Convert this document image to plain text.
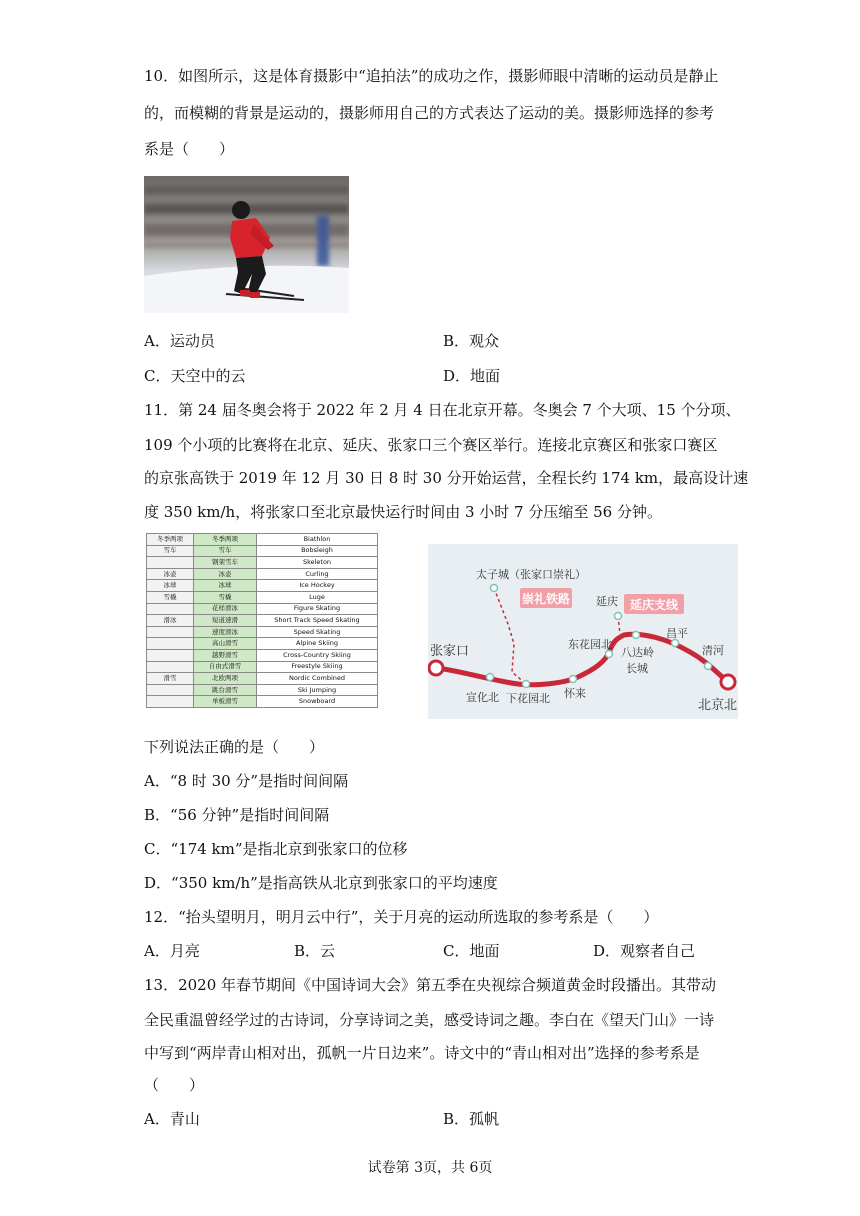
10．如图所示，这是体育摄影中“追拍法”的成功之作，摄影师眼中清晰的运动员是静止
的，而模糊的背景是运动的，摄影师用自己的方式表达了运动的美。摄影师选择的参考
系是（　　）
A．运动员	B．观众
C．天空中的云	D．地面
11．第 24 届冬奥会将于 2022 年 2 月 4 日在北京开幕。冬奥会 7 个大项、15 个分项、
109 个小项的比赛将在北京、延庆、张家口三个赛区举行。连接北京赛区和张家口赛区
的京张高铁于 2019 年 12 月 30 日 8 时 30 分开始运营，全程长约 174 km，最高设计速
度 350 km/h，将张家口至北京最快运行时间由 3 小时 7 分压缩至 56 分钟。
冬季两项	冬季两项	Biathlon
雪车	雪车	Bobsleigh
	钢架雪车	Skeleton
冰壶	冰壶	Curling
冰球	冰球	Ice Hockey
雪橇	雪橇	Luge
	花样滑冰	Figure Skating
滑冰	短道速滑	Short Track Speed Skating
	速度滑冰	Speed Skating
	高山滑雪	Alpine Skiing
	越野滑雪	Cross-Country Skiing
	自由式滑雪	Freestyle Skiing
滑雪	北欧两项	Nordic Combined
	跳台滑雪	Ski Jumping
	单板滑雪	Snowboard
崇礼铁路	延庆支线
太子城（张家口崇礼）
张家口
宣化北 下花园北 怀来
东花园北
延庆
八达岭
长城
昌平
清河
北京北
下列说法正确的是（　　）
A．“8 时 30 分”是指时间间隔
B．“56 分钟”是指时间间隔
C．“174 km”是指北京到张家口的位移
D．“350 km/h”是指高铁从北京到张家口的平均速度
12．“抬头望明月，明月云中行”，关于月亮的运动所选取的参考系是（　　）
A．月亮	B．云	C．地面	D．观察者自己
13．2020 年春节期间《中国诗词大会》第五季在央视综合频道黄金时段播出。其带动
全民重温曾经学过的古诗词，分享诗词之美，感受诗词之趣。李白在《望天门山》一诗
中写到“两岸青山相对出，孤帆一片日边来”。诗文中的“青山相对出”选择的参考系是
（　　）
A．青山	B．孤帆
试卷第 3页，共 6页
